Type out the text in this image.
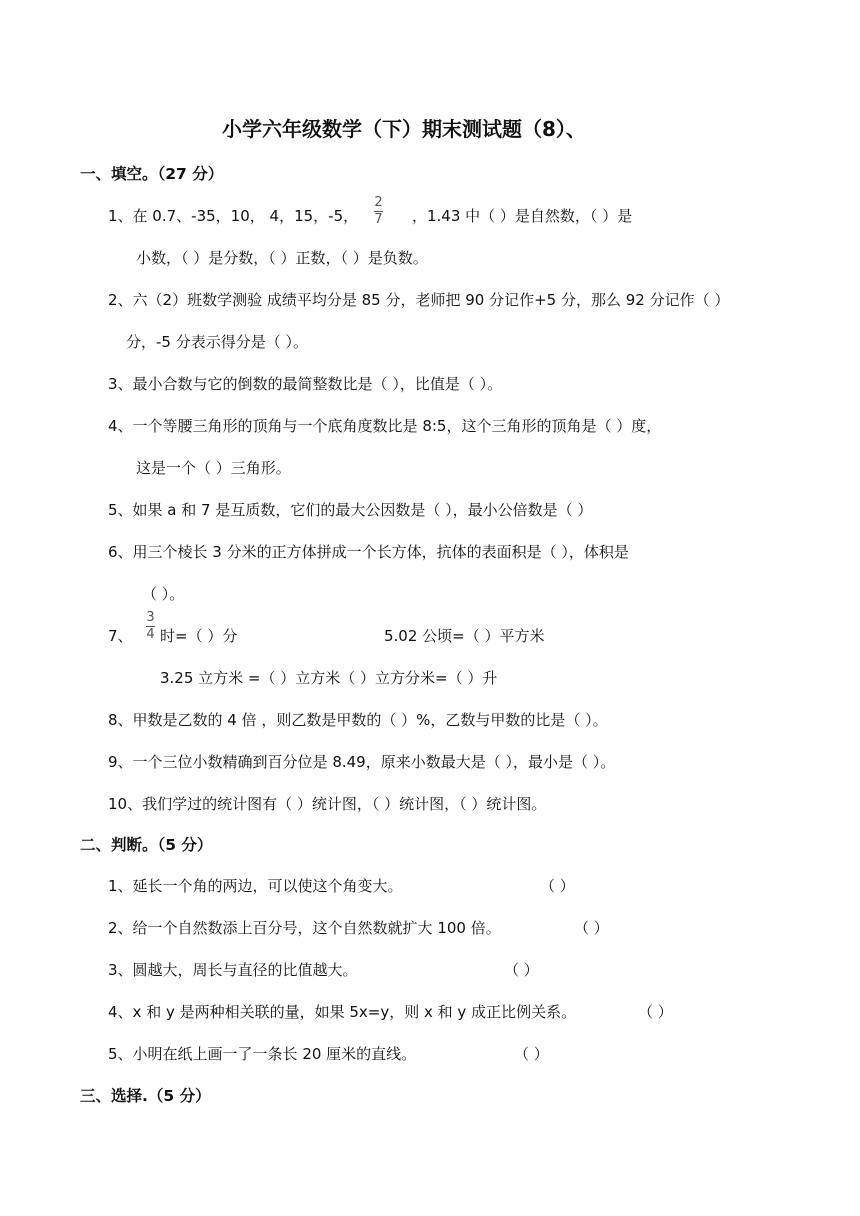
小学六年级数学（下）期末测试题（8）、
一、填空。（27 分）
1、在 0.7、-35，10， 4，15，-5，
2
7 ，1.43 中（ ）是自然数，（ ）是
小数，（ ）是分数，（ ）正数，（ ）是负数。
2、六（2）班数学测验 成绩平均分是 85 分，老师把 90 分记作+5 分，那么 92 分记作（ ）
分，-5 分表示得分是（ ）。
3、最小合数与它的倒数的最简整数比是（ ），比值是（ ）。
4、一个等腰三角形的顶角与一个底角度数比是 8:5，这个三角形的顶角是（ ）度，
这是一个（ ）三角形。
5、如果 a 和 7 是互质数，它们的最大公因数是（ ），最小公倍数是（ ）
6、用三个棱长 3 分米的正方体拼成一个长方体，抗体的表面积是（ ），体积是
（ ）。
7、
3
4 时=（ ）分	5.02 公顷=（ ）平方米
3.25 立方米 =（ ）立方米（ ）立方分米=（ ）升
8、甲数是乙数的 4 倍 ，则乙数是甲数的（ ）%，乙数与甲数的比是（ ）。
9、一个三位小数精确到百分位是 8.49，原来小数最大是（ ），最小是（ ）。
10、我们学过的统计图有（ ）统计图，（ ）统计图，（ ）统计图。
二、判断。（5 分）
1、延长一个角的两边，可以使这个角变大。	（ ）
2、给一个自然数添上百分号，这个自然数就扩大 100 倍。	（ ）
3、圆越大，周长与直径的比值越大。	（ ）
4、x 和 y 是两种相关联的量，如果 5x=y，则 x 和 y 成正比例关系。	（ ）
5、小明在纸上画一了一条长 20 厘米的直线。	（ ）
三、选择.（5 分）
